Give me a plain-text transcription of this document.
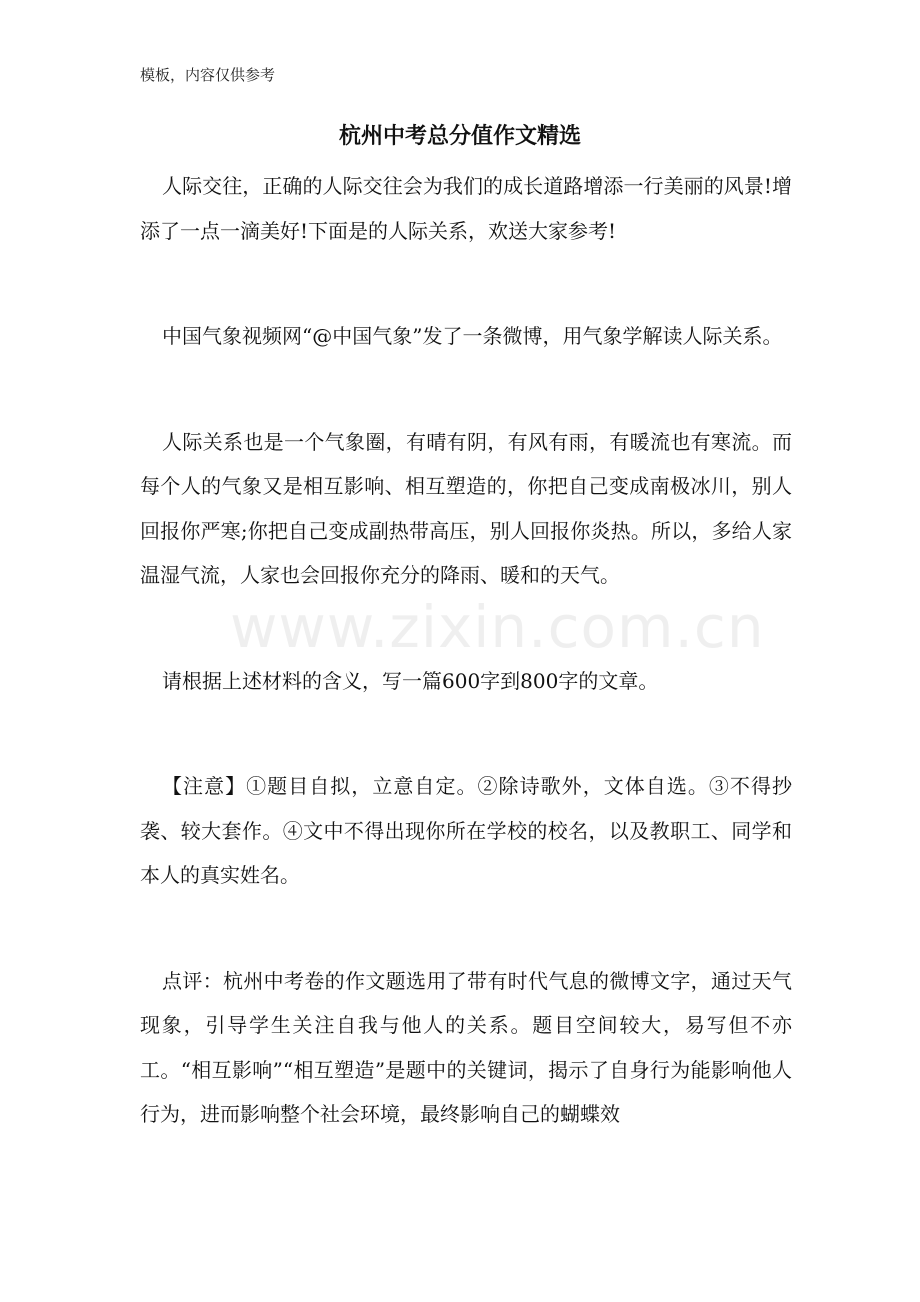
模板，内容仅供参考
杭州中考总分值作文精选

人际交往，正确的人际交往会为我们的成长道路增添一行美丽的风景!增添了一点一滴美好!下面是的人际关系，欢送大家参考!

中国气象视频网“@中国气象”发了一条微博，用气象学解读人际关系。

人际关系也是一个气象圈，有晴有阴，有风有雨，有暖流也有寒流。而每个人的气象又是相互影响、相互塑造的，你把自己变成南极冰川，别人回报你严寒;你把自己变成副热带高压，别人回报你炎热。所以，多给人家温湿气流，人家也会回报你充分的降雨、暖和的天气。

请根据上述材料的含义，写一篇600字到800字的文章。

【注意】①题目自拟，立意自定。②除诗歌外，文体自选。③不得抄袭、较大套作。④文中不得出现你所在学校的校名，以及教职工、同学和本人的真实姓名。

点评：杭州中考卷的作文题选用了带有时代气息的微博文字，通过天气现象，引导学生关注自我与他人的关系。题目空间较大，易写但不亦工。“相互影响”“相互塑造”是题中的关键词，揭示了自身行为能影响他人行为，进而影响整个社会环境，最终影响自己的蝴蝶效

www.zixin.com.cn
